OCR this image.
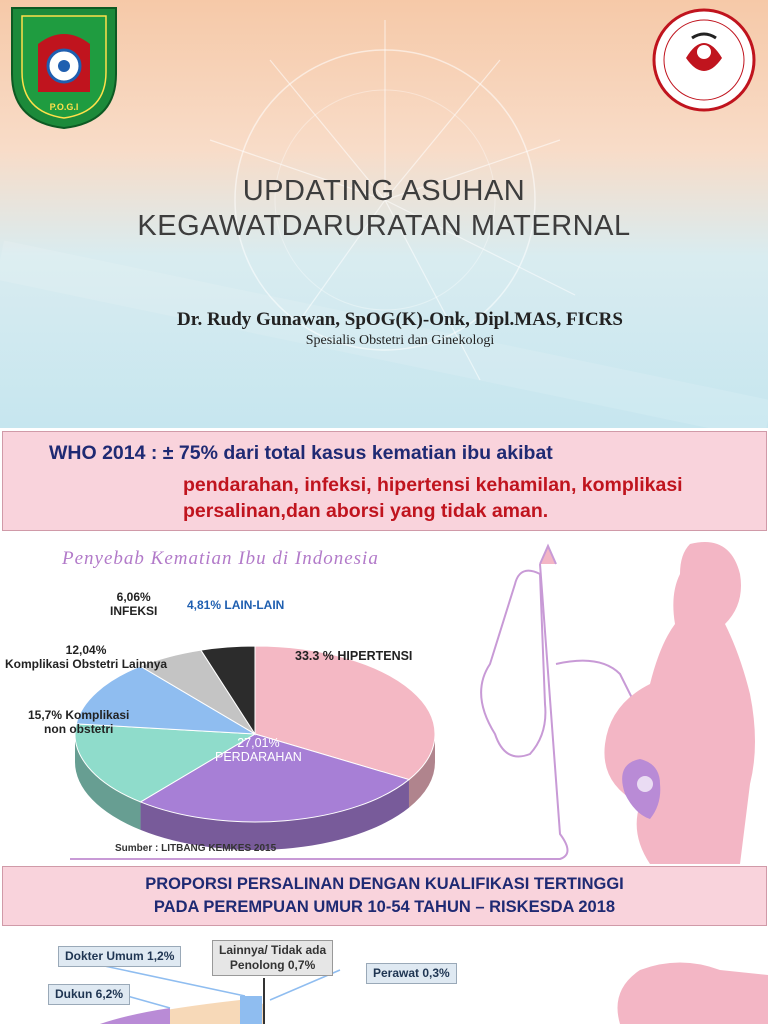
P.O.G.I
UPDATING ASUHAN
KEGAWATDARURATAN MATERNAL
Dr. Rudy Gunawan, SpOG(K)-Onk, Dipl.MAS, FICRS
Spesialis Obstetri dan Ginekologi
WHO 2014 : ± 75% dari total kasus kematian ibu akibat
pendarahan, infeksi, hipertensi kehamilan, komplikasi
persalinan,dan aborsi yang tidak aman.
Penyebab Kematian Ibu di Indonesia
6,06%
INFEKSI 4,81% LAIN-LAIN
12,04%
Komplikasi Obstetri Lainnya
15,7% Komplikasi
non obstetri
33.3 % HIPERTENSI
27,01%
PERDARAHAN
Sumber : LITBANG KEMKES 2015
PROPORSI PERSALINAN DENGAN KUALIFIKASI TERTINGGI
PADA PEREMPUAN UMUR 10-54 TAHUN – RISKESDA 2018
Dokter Umum 1,2%	Lainnya/ Tidak ada
Penolong 0,7%
Perawat 0,3%
Dukun 6,2%
